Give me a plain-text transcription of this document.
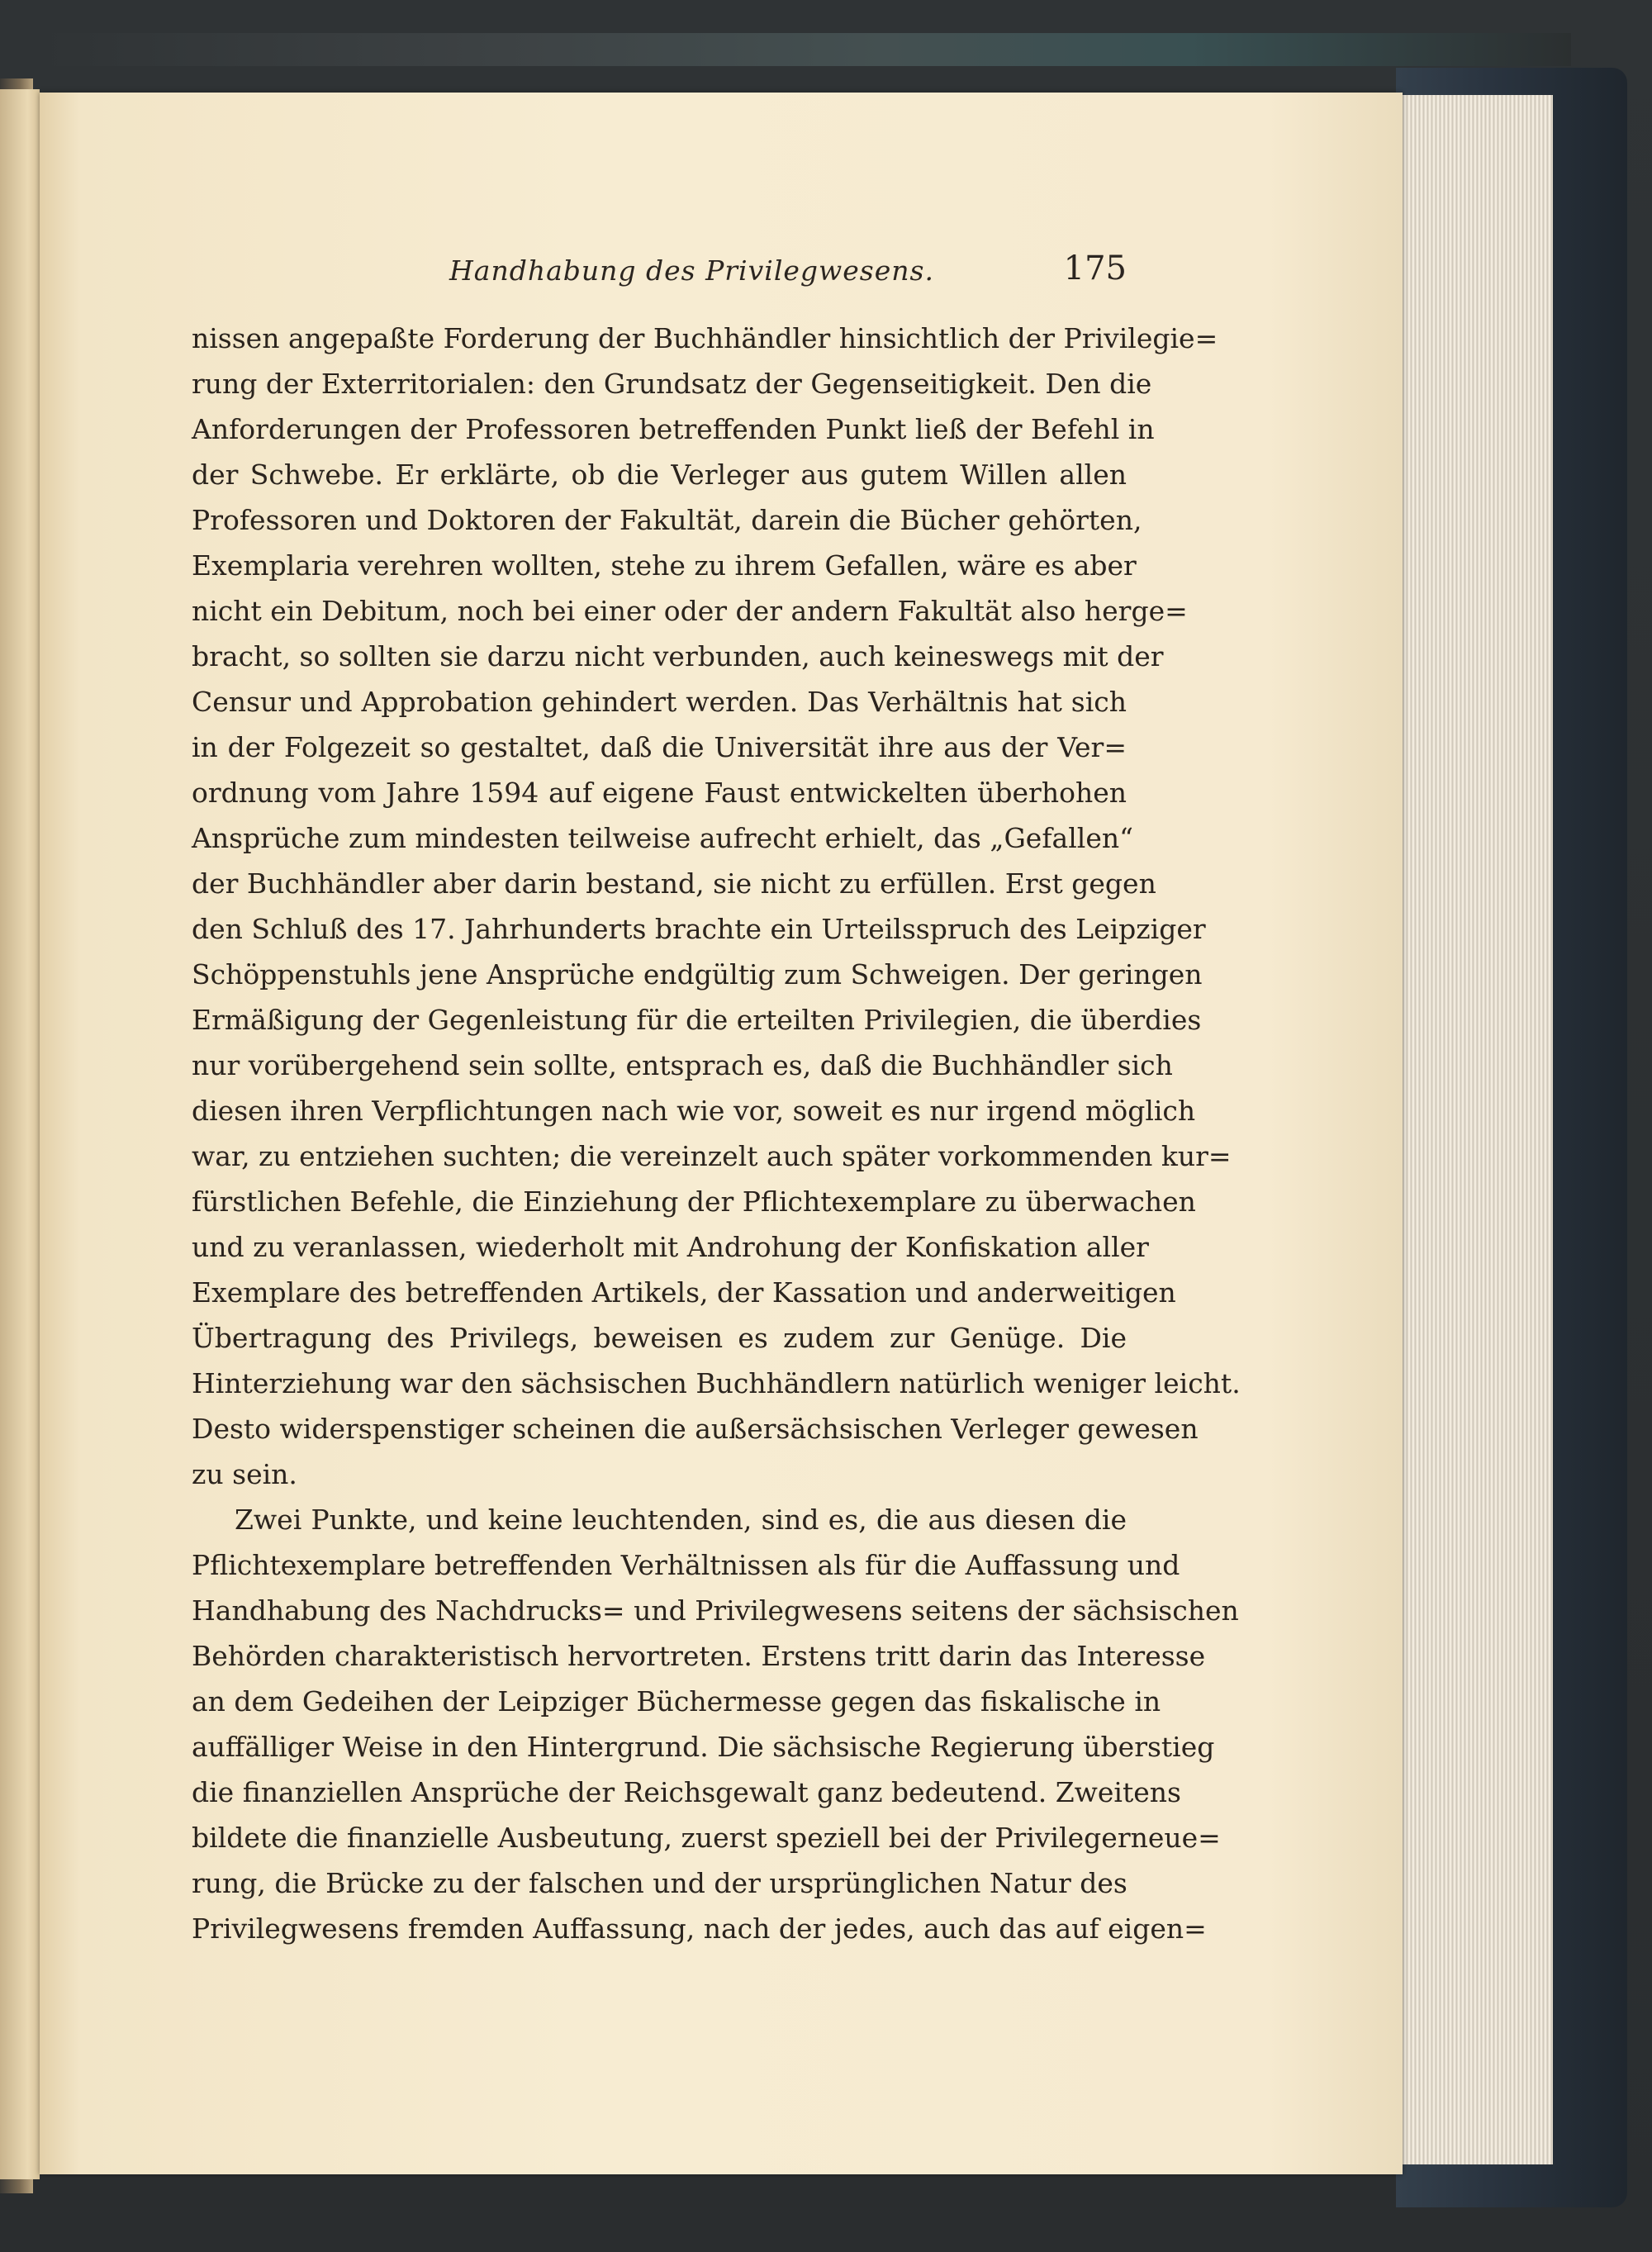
Handhabung des Privilegwesens.	175
nissen angepaßte Forderung der Buchhändler hinsichtlich der Privilegie=
rung der Exterritorialen: den Grundsatz der Gegenseitigkeit. Den die
Anforderungen der Professoren betreffenden Punkt ließ der Befehl in
der Schwebe. Er erklärte, ob die Verleger aus gutem Willen allen
Professoren und Doktoren der Fakultät, darein die Bücher gehörten,
Exemplaria verehren wollten, stehe zu ihrem Gefallen, wäre es aber
nicht ein Debitum, noch bei einer oder der andern Fakultät also herge=
bracht, so sollten sie darzu nicht verbunden, auch keineswegs mit der
Censur und Approbation gehindert werden. Das Verhältnis hat sich
in der Folgezeit so gestaltet, daß die Universität ihre aus der Ver=
ordnung vom Jahre 1594 auf eigene Faust entwickelten überhohen
Ansprüche zum mindesten teilweise aufrecht erhielt, das „Gefallen“
der Buchhändler aber darin bestand, sie nicht zu erfüllen. Erst gegen
den Schluß des 17. Jahrhunderts brachte ein Urteilsspruch des Leipziger
Schöppenstuhls jene Ansprüche endgültig zum Schweigen. Der geringen
Ermäßigung der Gegenleistung für die erteilten Privilegien, die überdies
nur vorübergehend sein sollte, entsprach es, daß die Buchhändler sich
diesen ihren Verpflichtungen nach wie vor, soweit es nur irgend möglich
war, zu entziehen suchten; die vereinzelt auch später vorkommenden kur=
fürstlichen Befehle, die Einziehung der Pflichtexemplare zu überwachen
und zu veranlassen, wiederholt mit Androhung der Konfiskation aller
Exemplare des betreffenden Artikels, der Kassation und anderweitigen
Übertragung des Privilegs, beweisen es zudem zur Genüge. Die
Hinterziehung war den sächsischen Buchhändlern natürlich weniger leicht.
Desto widerspenstiger scheinen die außersächsischen Verleger gewesen
zu sein.
Zwei Punkte, und keine leuchtenden, sind es, die aus diesen die
Pflichtexemplare betreffenden Verhältnissen als für die Auffassung und
Handhabung des Nachdrucks= und Privilegwesens seitens der sächsischen
Behörden charakteristisch hervortreten. Erstens tritt darin das Interesse
an dem Gedeihen der Leipziger Büchermesse gegen das fiskalische in
auffälliger Weise in den Hintergrund. Die sächsische Regierung überstieg
die finanziellen Ansprüche der Reichsgewalt ganz bedeutend. Zweitens
bildete die finanzielle Ausbeutung, zuerst speziell bei der Privilegerneue=
rung, die Brücke zu der falschen und der ursprünglichen Natur des
Privilegwesens fremden Auffassung, nach der jedes, auch das auf eigen=
